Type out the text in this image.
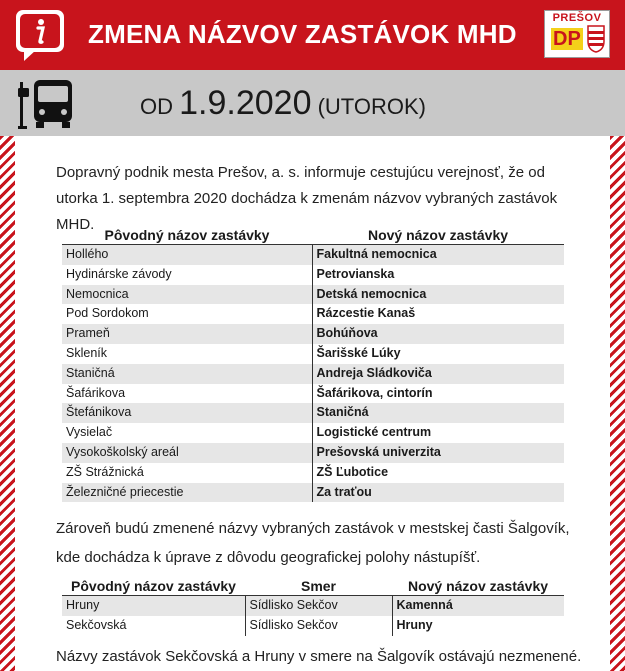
ZMENA NÁZVOV ZASTÁVOK MHD
PREŠOV
DP
OD 1.9.2020 (UTOROK)

Dopravný podnik mesta Prešov, a. s. informuje cestujúcu verejnosť, že od utorka 1. septembra 2020 dochádza k zmenám názvov vybraných zastávok MHD.

Pôvodný názov zastávky	Nový názov zastávky
Hollého	Fakultná nemocnica
Hydinárske závody	Petrovianska
Nemocnica	Detská nemocnica
Pod Sordokom	Rázcestie Kanaš
Prameň	Bohúňova
Skleník	Šarišské Lúky
Staničná	Andreja Sládkoviča
Šafárikova	Šafárikova, cintorín
Štefánikova	Staničná
Vysielač	Logistické centrum
Vysokoškolský areál	Prešovská univerzita
ZŠ Strážnická	ZŠ Ľubotice
Železničné priecestie	Za traťou

Zároveň budú zmenené názvy vybraných zastávok v mestskej časti Šalgovík, kde dochádza k úprave z dôvodu geografickej polohy nástupíšť.

Pôvodný názov zastávky	Smer	Nový názov zastávky
Hruny	Sídlisko Sekčov	Kamenná
Sekčovská	Sídlisko Sekčov	Hruny

Názvy zastávok Sekčovská a Hruny v smere na Šalgovík ostávajú nezmenené.
